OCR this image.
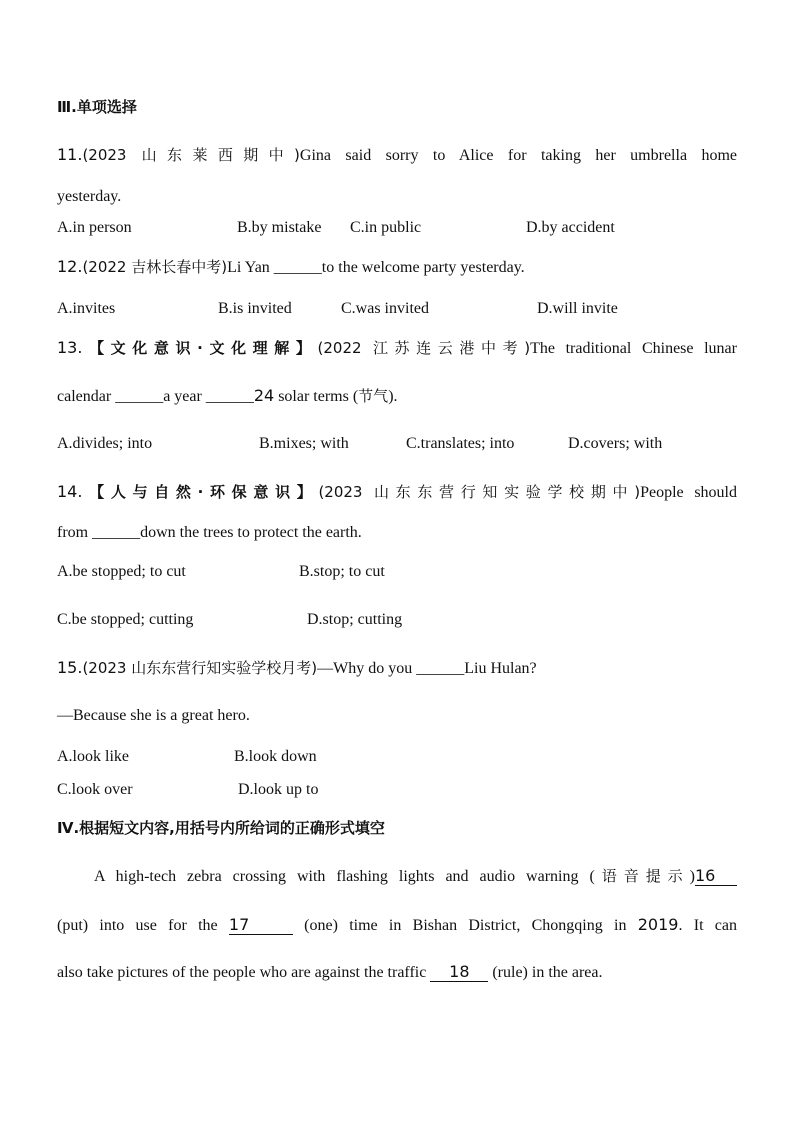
Ⅲ.单项选择
11.(2023 山东莱西期中)Gina said sorry to Alice for taking her umbrella home
yesterday.
A.in person	B.by mistake C.in public	D.by accident
12.(2022 吉林长春中考)Li Yan ______to the welcome party yesterday.
A.invites	B.is invited	C.was invited	D.will invite
13.【文化意识·文化理解】(2022 江苏连云港中考)The traditional Chinese lunar
calendar ______a year ______24 solar terms (节气).
A.divides; into	B.mixes; with	C.translates; into	D.covers; with
14.【人与自然·环保意识】(2023 山东东营行知实验学校期中)People should
from ______down the trees to protect the earth.
A.be stopped; to cut	B.stop; to cut
C.be stopped; cutting	D.stop; cutting
15.(2023 山东东营行知实验学校月考)—Why do you ______Liu Hulan?
—Because she is a great hero.
A.look like	B.look down
C.look over	D.look up to
Ⅳ.根据短文内容,用括号内所给词的正确形式填空
A high-tech zebra crossing with flashing lights and audio warning (语音提示)16
(put) into use for the 17	(one) time in Bishan District, Chongqing in 2019. It can
also take pictures of the people who are against the traffic 18 (rule) in the area.
